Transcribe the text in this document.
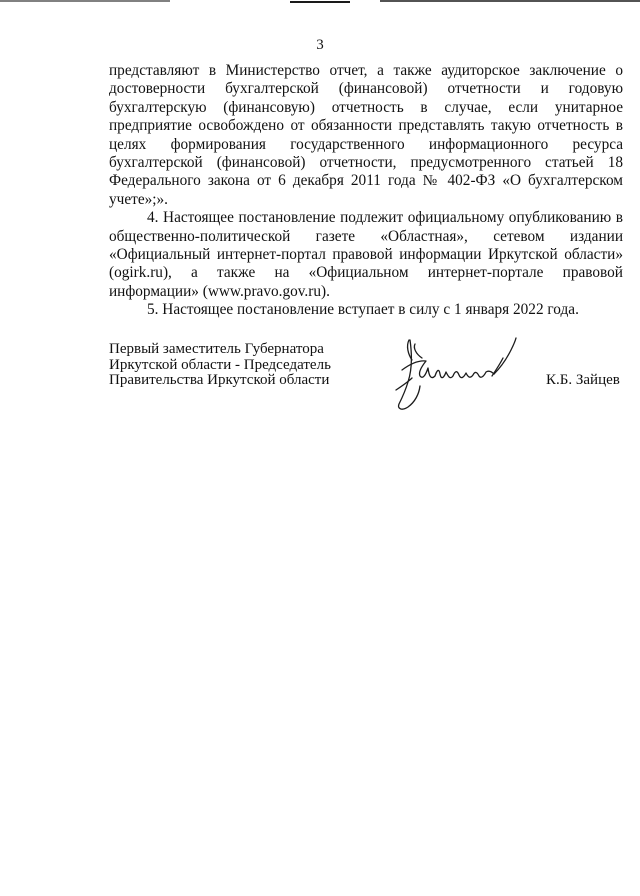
3

представляют в Министерство отчет, а также аудиторское заключение о достоверности бухгалтерской (финансовой) отчетности и годовую бухгалтерскую (финансовую) отчетность в случае, если унитарное предприятие освобождено от обязанности представлять такую отчетность в целях формирования государственного информационного ресурса бухгалтерской (финансовой) отчетности, предусмотренного статьей 18 Федерального закона от 6 декабря 2011 года № 402-ФЗ «О бухгалтерском учете»;».

4. Настоящее постановление подлежит официальному опубликованию в общественно-политической газете «Областная», сетевом издании «Официальный интернет-портал правовой информации Иркутской области» (ogirk.ru), а также на «Официальном интернет-портале правовой информации» (www.pravo.gov.ru).

5. Настоящее постановление вступает в силу с 1 января 2022 года.

Первый заместитель Губернатора
Иркутской области - Председатель
Правительства Иркутской области	К.Б. Зайцев
